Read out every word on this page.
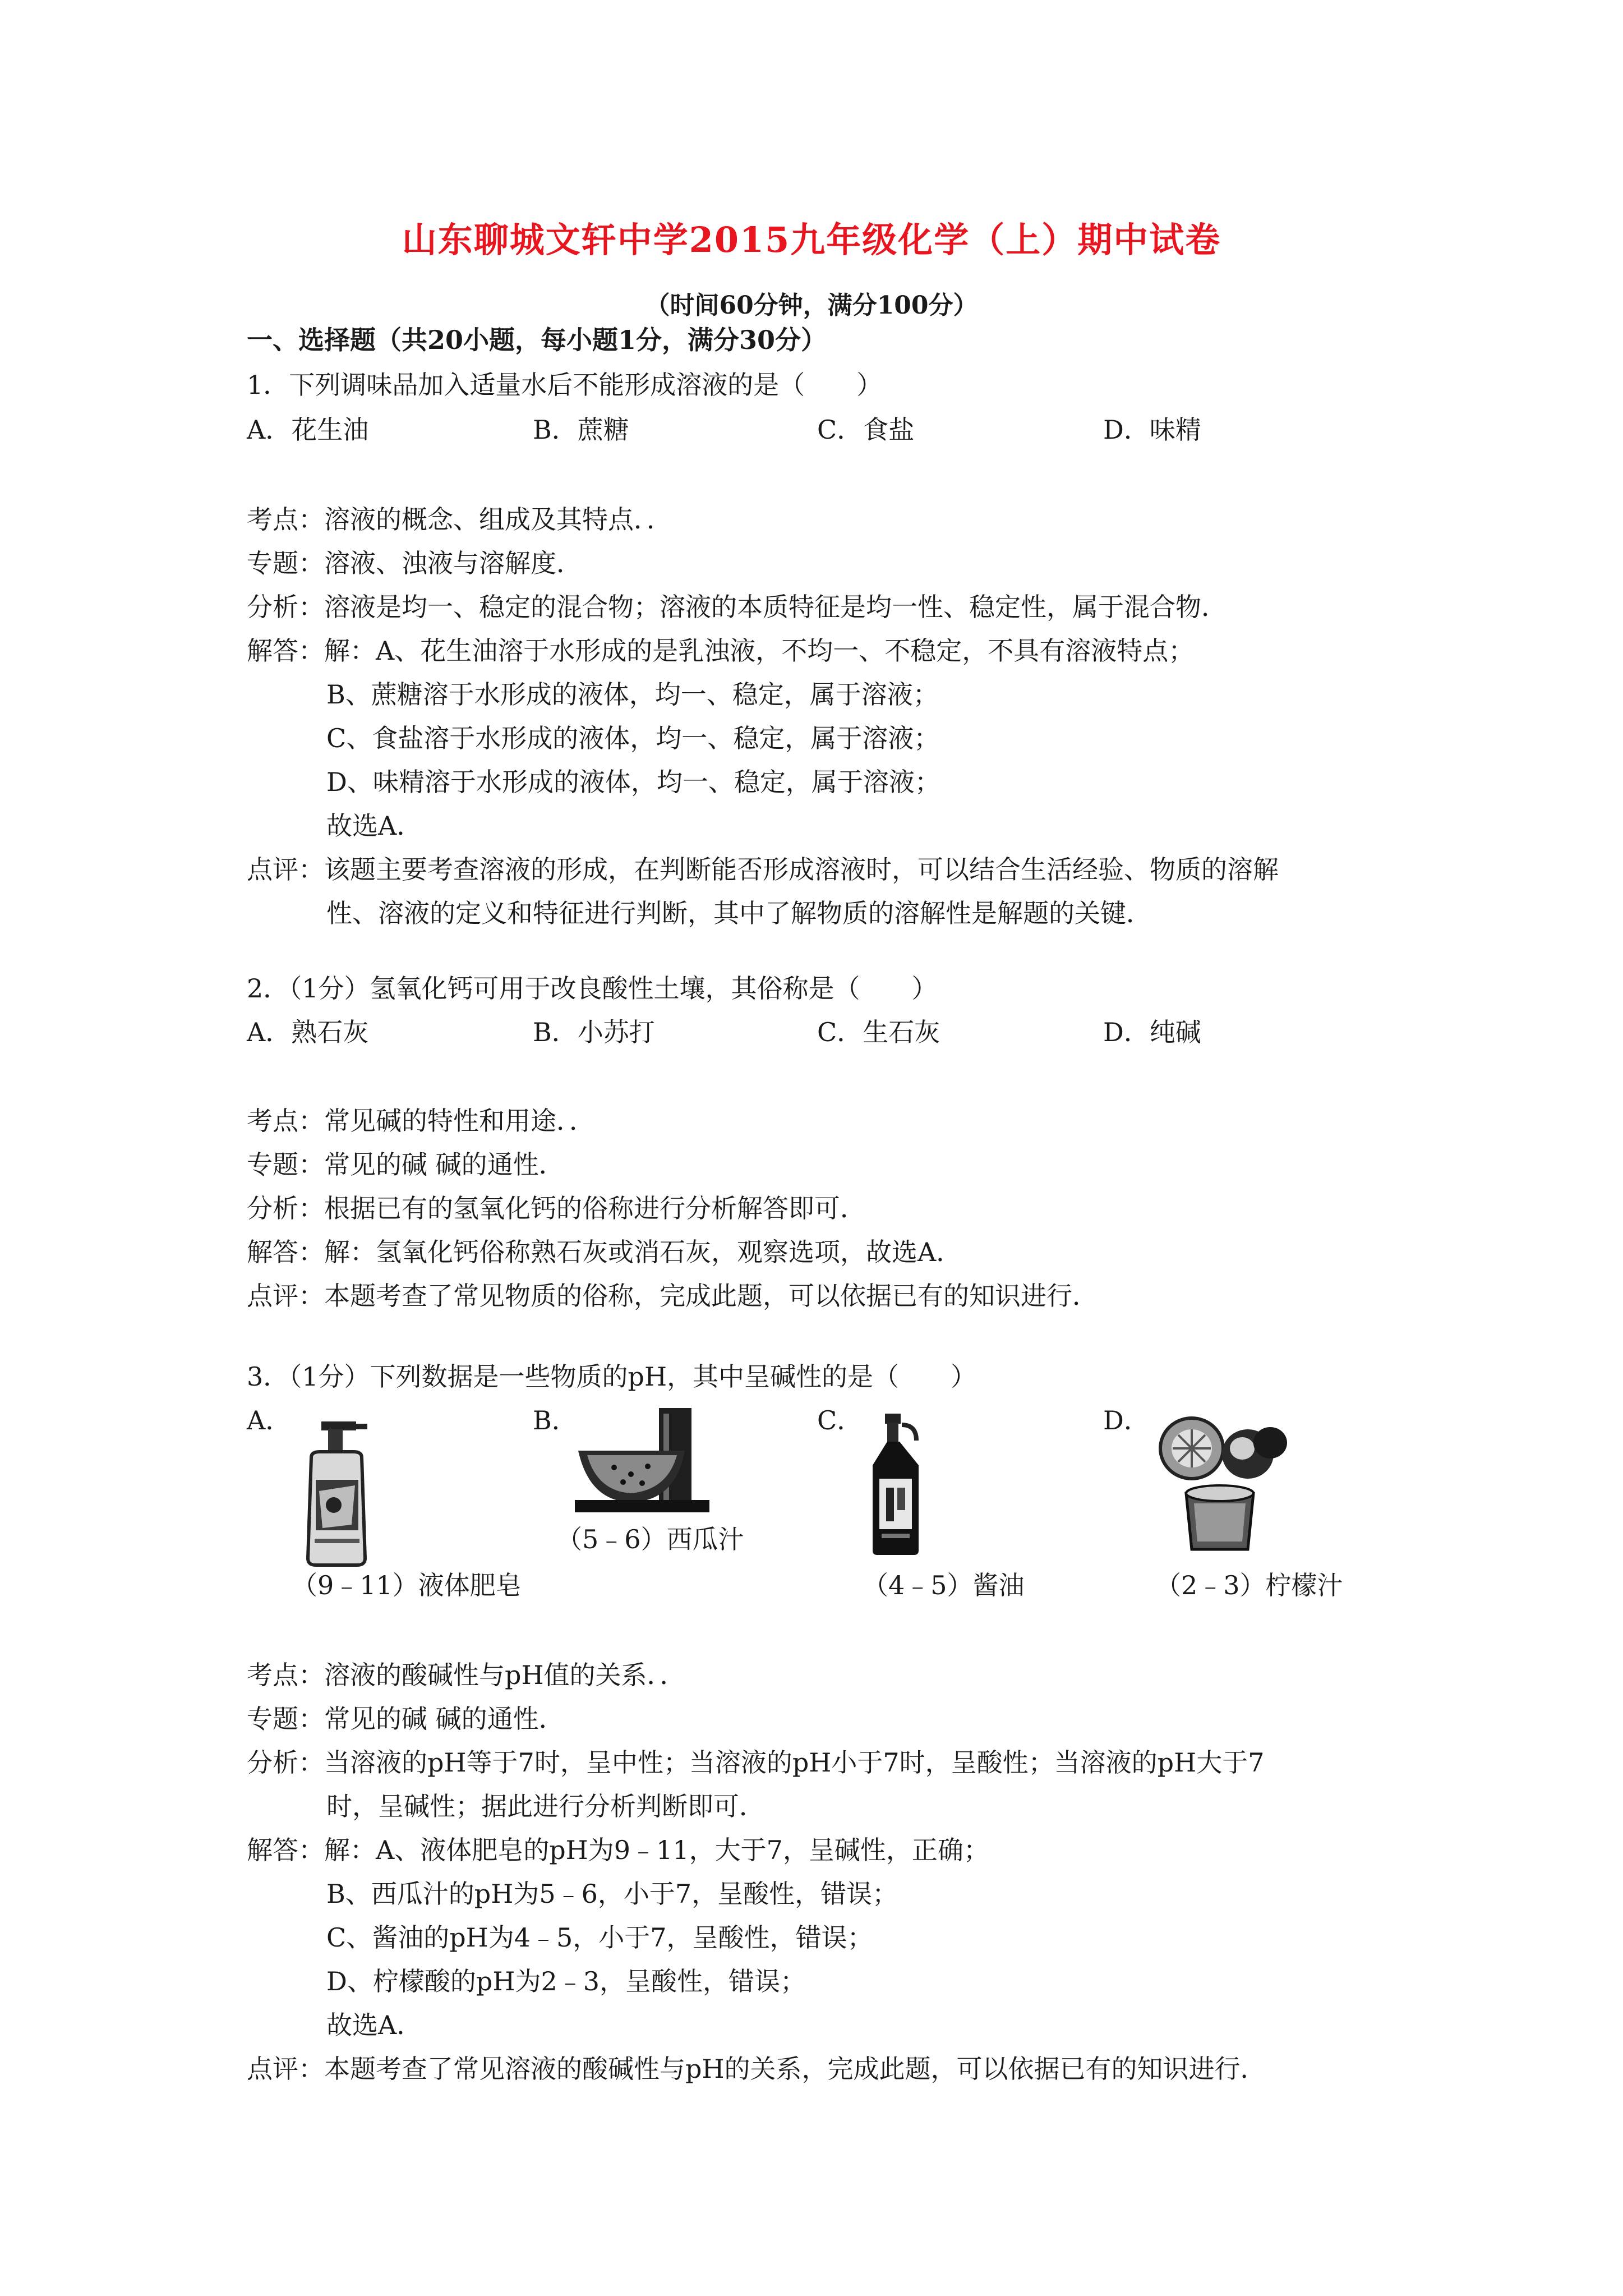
山东聊城文轩中学2015九年级化学（上）期中试卷
（时间60分钟，满分100分）
一、选择题（共20小题，每小题1分，满分30分）
1．下列调味品加入适量水后不能形成溶液的是（　　）
A．花生油	B．蔗糖	C．食盐	D．味精
考点：溶液的概念、组成及其特点．．
专题：溶液、浊液与溶解度．
分析：溶液是均一、稳定的混合物；溶液的本质特征是均一性、稳定性，属于混合物．
解答：解：A、花生油溶于水形成的是乳浊液，不均一、不稳定，不具有溶液特点；
B、蔗糖溶于水形成的液体，均一、稳定，属于溶液；
C、食盐溶于水形成的液体，均一、稳定，属于溶液；
D、味精溶于水形成的液体，均一、稳定，属于溶液；
故选A．
点评：该题主要考查溶液的形成，在判断能否形成溶液时，可以结合生活经验、物质的溶解
性、溶液的定义和特征进行判断，其中了解物质的溶解性是解题的关键．
2．（1分）氢氧化钙可用于改良酸性土壤，其俗称是（　　）
A．熟石灰	B．小苏打	C．生石灰	D．纯碱
考点：常见碱的特性和用途．．
专题：常见的碱 碱的通性．
分析：根据已有的氢氧化钙的俗称进行分析解答即可．
解答：解：氢氧化钙俗称熟石灰或消石灰，观察选项，故选A．
点评：本题考查了常见物质的俗称，完成此题，可以依据已有的知识进行．
3．（1分）下列数据是一些物质的pH，其中呈碱性的是（　　）
A．	B．	C．	D．
（5﹣6）西瓜汁
（9﹣11）液体肥皂	（4﹣5）酱油	（2﹣3）柠檬汁
考点：溶液的酸碱性与pH值的关系．．
专题：常见的碱 碱的通性．
分析：当溶液的pH等于7时，呈中性；当溶液的pH小于7时，呈酸性；当溶液的pH大于7
时，呈碱性；据此进行分析判断即可．
解答：解：A、液体肥皂的pH为9﹣11，大于7，呈碱性，正确；
B、西瓜汁的pH为5﹣6，小于7，呈酸性，错误；
C、酱油的pH为4﹣5，小于7，呈酸性，错误；
D、柠檬酸的pH为2﹣3，呈酸性，错误；
故选A．
点评：本题考查了常见溶液的酸碱性与pH的关系，完成此题，可以依据已有的知识进行．
